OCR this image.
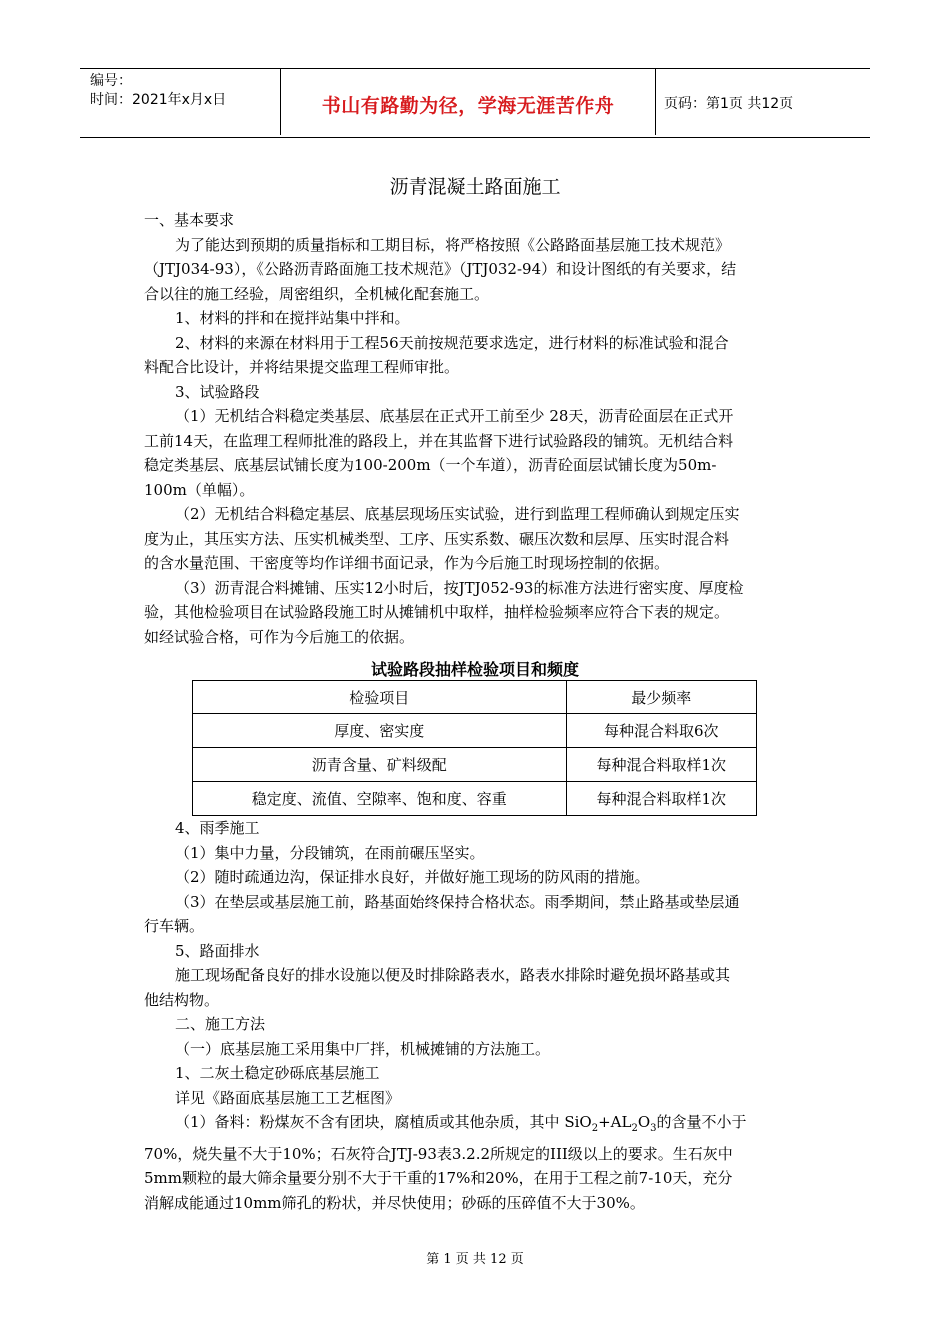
编号：
时间：2021年x月x日	书山有路勤为径，学海无涯苦作舟	页码：第1页 共12页
沥青混凝土路面施工
一、基本要求
为了能达到预期的质量指标和工期目标，将严格按照《公路路面基层施工技术规范》
（JTJ034-93），《公路沥青路面施工技术规范》（JTJ032-94）和设计图纸的有关要求，结
合以往的施工经验，周密组织，全机械化配套施工。
1、材料的拌和在搅拌站集中拌和。
2、材料的来源在材料用于工程56天前按规范要求选定，进行材料的标准试验和混合
料配合比设计，并将结果提交监理工程师审批。
3、试验路段
（1）无机结合料稳定类基层、底基层在正式开工前至少 28天，沥青砼面层在正式开
工前14天，在监理工程师批准的路段上，并在其监督下进行试验路段的铺筑。无机结合料
稳定类基层、底基层试铺长度为100-200m（一个车道），沥青砼面层试铺长度为50m-
100m（单幅）。
（2）无机结合料稳定基层、底基层现场压实试验，进行到监理工程师确认到规定压实
度为止，其压实方法、压实机械类型、工序、压实系数、碾压次数和层厚、压实时混合料
的含水量范围、干密度等均作详细书面记录，作为今后施工时现场控制的依据。
（3）沥青混合料摊铺、压实12小时后，按JTJ052-93的标准方法进行密实度、厚度检
验，其他检验项目在试验路段施工时从摊铺机中取样，抽样检验频率应符合下表的规定。
如经试验合格，可作为今后施工的依据。
试验路段抽样检验项目和频度
检验项目	最少频率
厚度、密实度	每种混合料取6次
沥青含量、矿料级配	每种混合料取样1次
稳定度、流值、空隙率、饱和度、容重	每种混合料取样1次
4、雨季施工
（1）集中力量，分段铺筑，在雨前碾压坚实。
（2）随时疏通边沟，保证排水良好，并做好施工现场的防风雨的措施。
（3）在垫层或基层施工前，路基面始终保持合格状态。雨季期间，禁止路基或垫层通
行车辆。
5、路面排水
施工现场配备良好的排水设施以便及时排除路表水，路表水排除时避免损坏路基或其
他结构物。
二、施工方法
（一）底基层施工采用集中厂拌，机械摊铺的方法施工。
1、二灰土稳定砂砾底基层施工
详见《路面底基层施工工艺框图》
（1）备料：粉煤灰不含有团块，腐植质或其他杂质，其中 $SiO_2+AL_2O_3$的含量不小于
70%，烧失量不大于10%；石灰符合JTJ-93表3.2.2所规定的III级以上的要求。生石灰中
5mm颗粒的最大筛余量要分别不大于干重的17%和20%，在用于工程之前7-10天，充分
消解成能通过10mm筛孔的粉状，并尽快使用；砂砾的压碎值不大于30%。
第 1 页 共 12 页
